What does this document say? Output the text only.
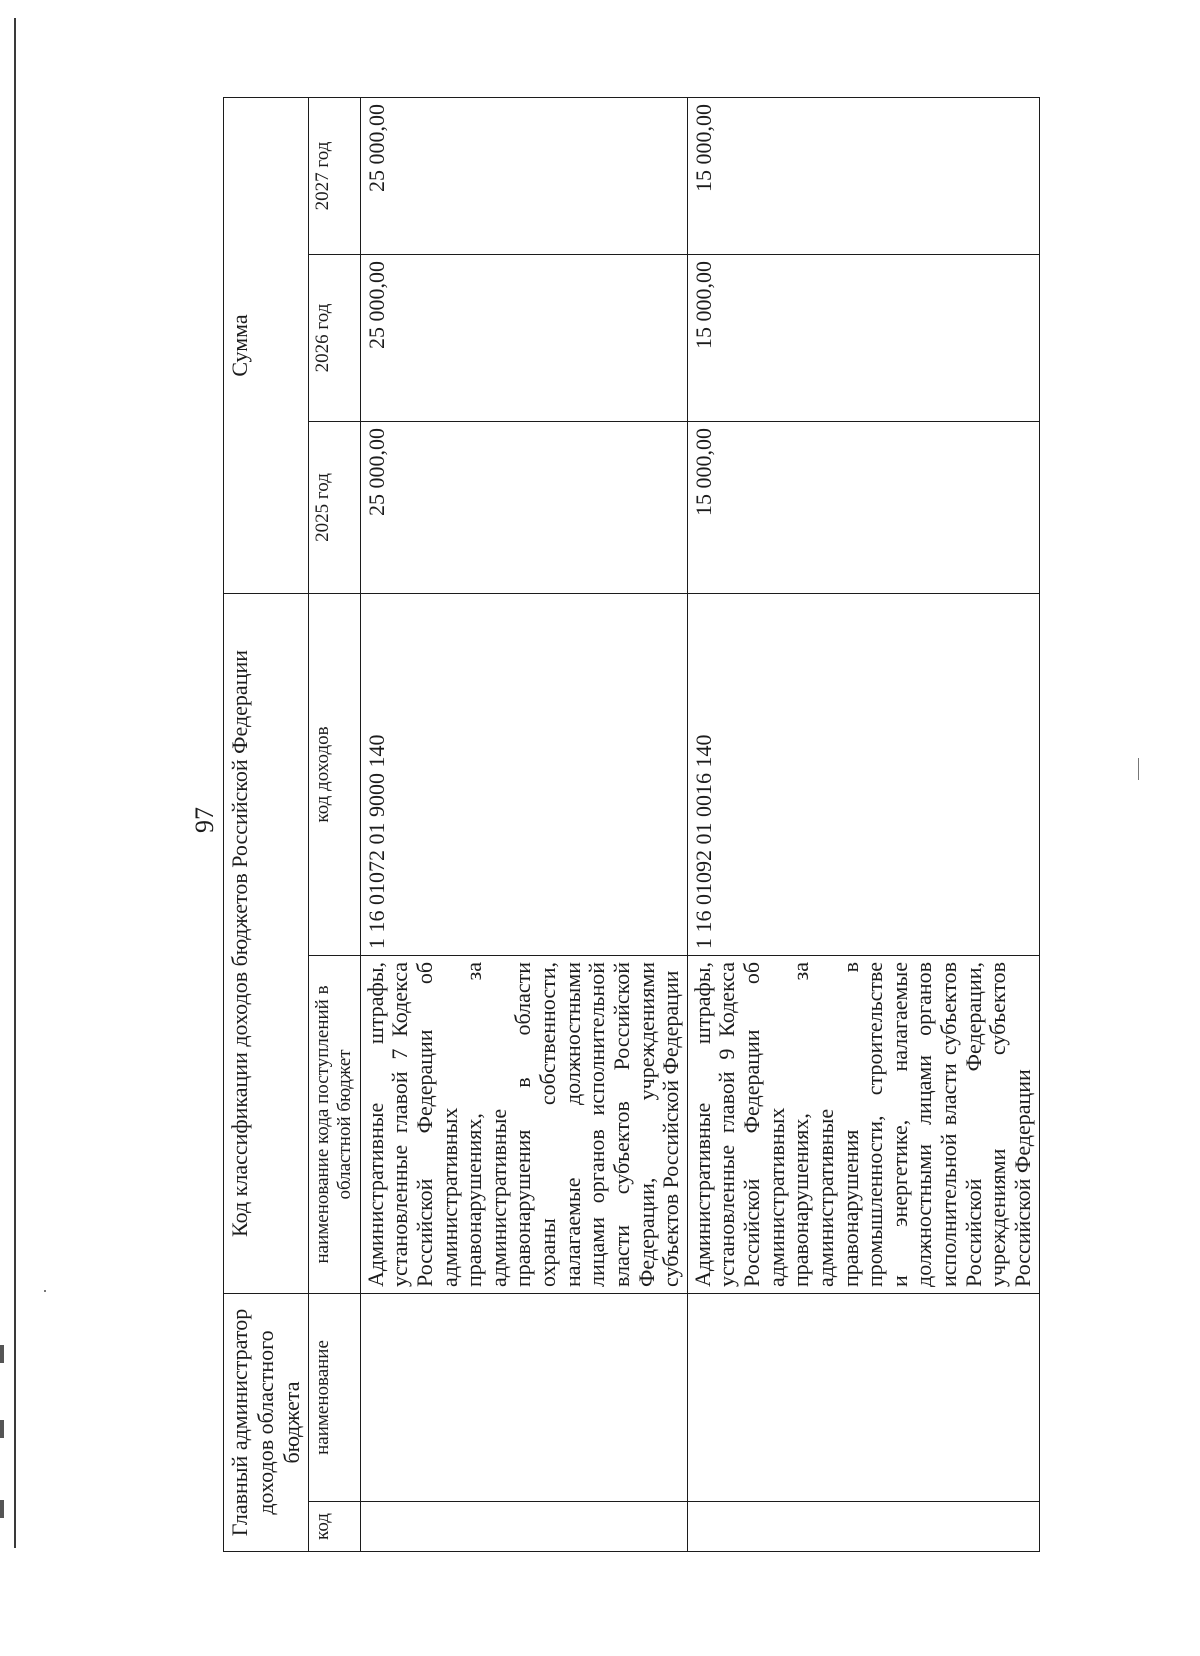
97
Главный администратор доходов областного бюджета		Код классификации доходов бюджетов Российской Федерации		Сумма		
код	наименование	наименование кода поступлений в областной бюджет	код доходов	2025 год	2026 год	2027 год
		Административные штрафы, установленные главой 7 Кодекса Российской Федерации об административных правонарушениях, за административные правонарушения в области охраны собственности, налагаемые должностными лицами органов исполнительной власти субъектов Российской Федерации, учреждениями субъектов Российской Федерации	1 16 01072 01 9000 140	25 000,00	25 000,00	25 000,00
		Административные штрафы, установленные главой 9 Кодекса Российской Федерации об административных правонарушениях, за административные правонарушения в промышленности, строительстве и энергетике, налагаемые должностными лицами органов исполнительной власти субъектов Российской Федерации, учреждениями субъектов Российской Федерации	1 16 01092 01 0016 140	15 000,00	15 000,00	15 000,00
